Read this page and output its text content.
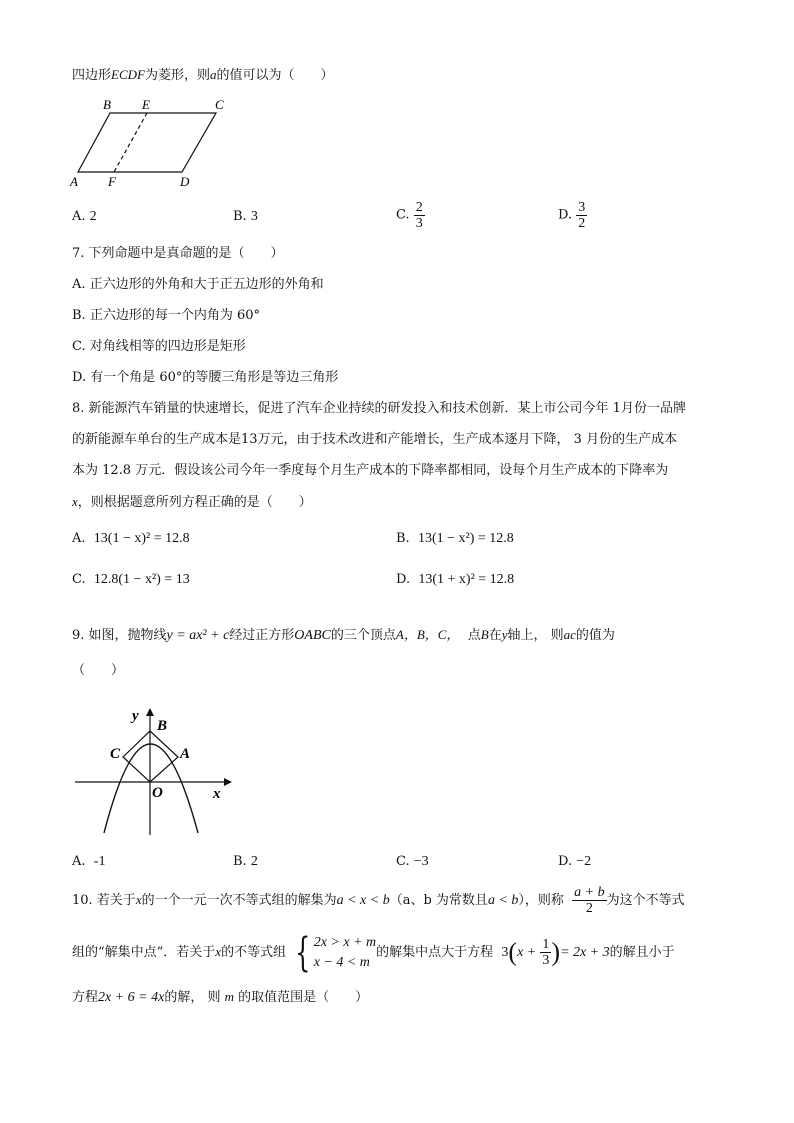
四边形ECDF为菱形，则a的值可以为（　　）
B E	C
A F	D
A. 2	B. 3	C. $\frac{2}{3}$	D. $\frac{3}{2}$
7. 下列命题中是真命题的是（　　）
A. 正六边形的外角和大于正五边形的外角和
B. 正六边形的每一个内角为 60°
C. 对角线相等的四边形是矩形
D. 有一个角是 60°的等腰三角形是等边三角形
8. 新能源汽车销量的快速增长，促进了汽车企业持续的研发投入和技术创新．某上市公司今年 1月份一品牌
的新能源车单台的生产成本是13万元，由于技术改进和产能增长，生产成本逐月下降， 3 月份的生产成本
本为 12.8 万元．假设该公司今年一季度每个月生产成本的下降率都相同，设每个月生产成本的下降率为
x，则根据题意所列方程正确的是（　　）
A. 13(1 − x)² = 12.8	B. 13(1 − x²) = 12.8
C. 12.8(1 − x²) = 13	D. 13(1 + x)² = 12.8
9. 如图，抛物线y = ax² + c经过正方形OABC的三个顶点A，B，C， 点B在y轴上， 则ac的值为
（　　）
y
B
C	A
O	x
A. -1	B. 2	C. −3	D. −2
10. 若关于x的一个一元一次不等式组的解集为a < x < b（a、b 为常数且a < b），则称 $\frac{a + b}{2}$ 为这个不等式
组的“解集中点”．若关于x的不等式组 { 2x > x + m
x − 4 < m
的解集中点大于方程 $3(x + \frac{1}{3}$ )= 2x + 3的解且小于
方程2x + 6 = 4x的解， 则 m 的取值范围是（　　）
